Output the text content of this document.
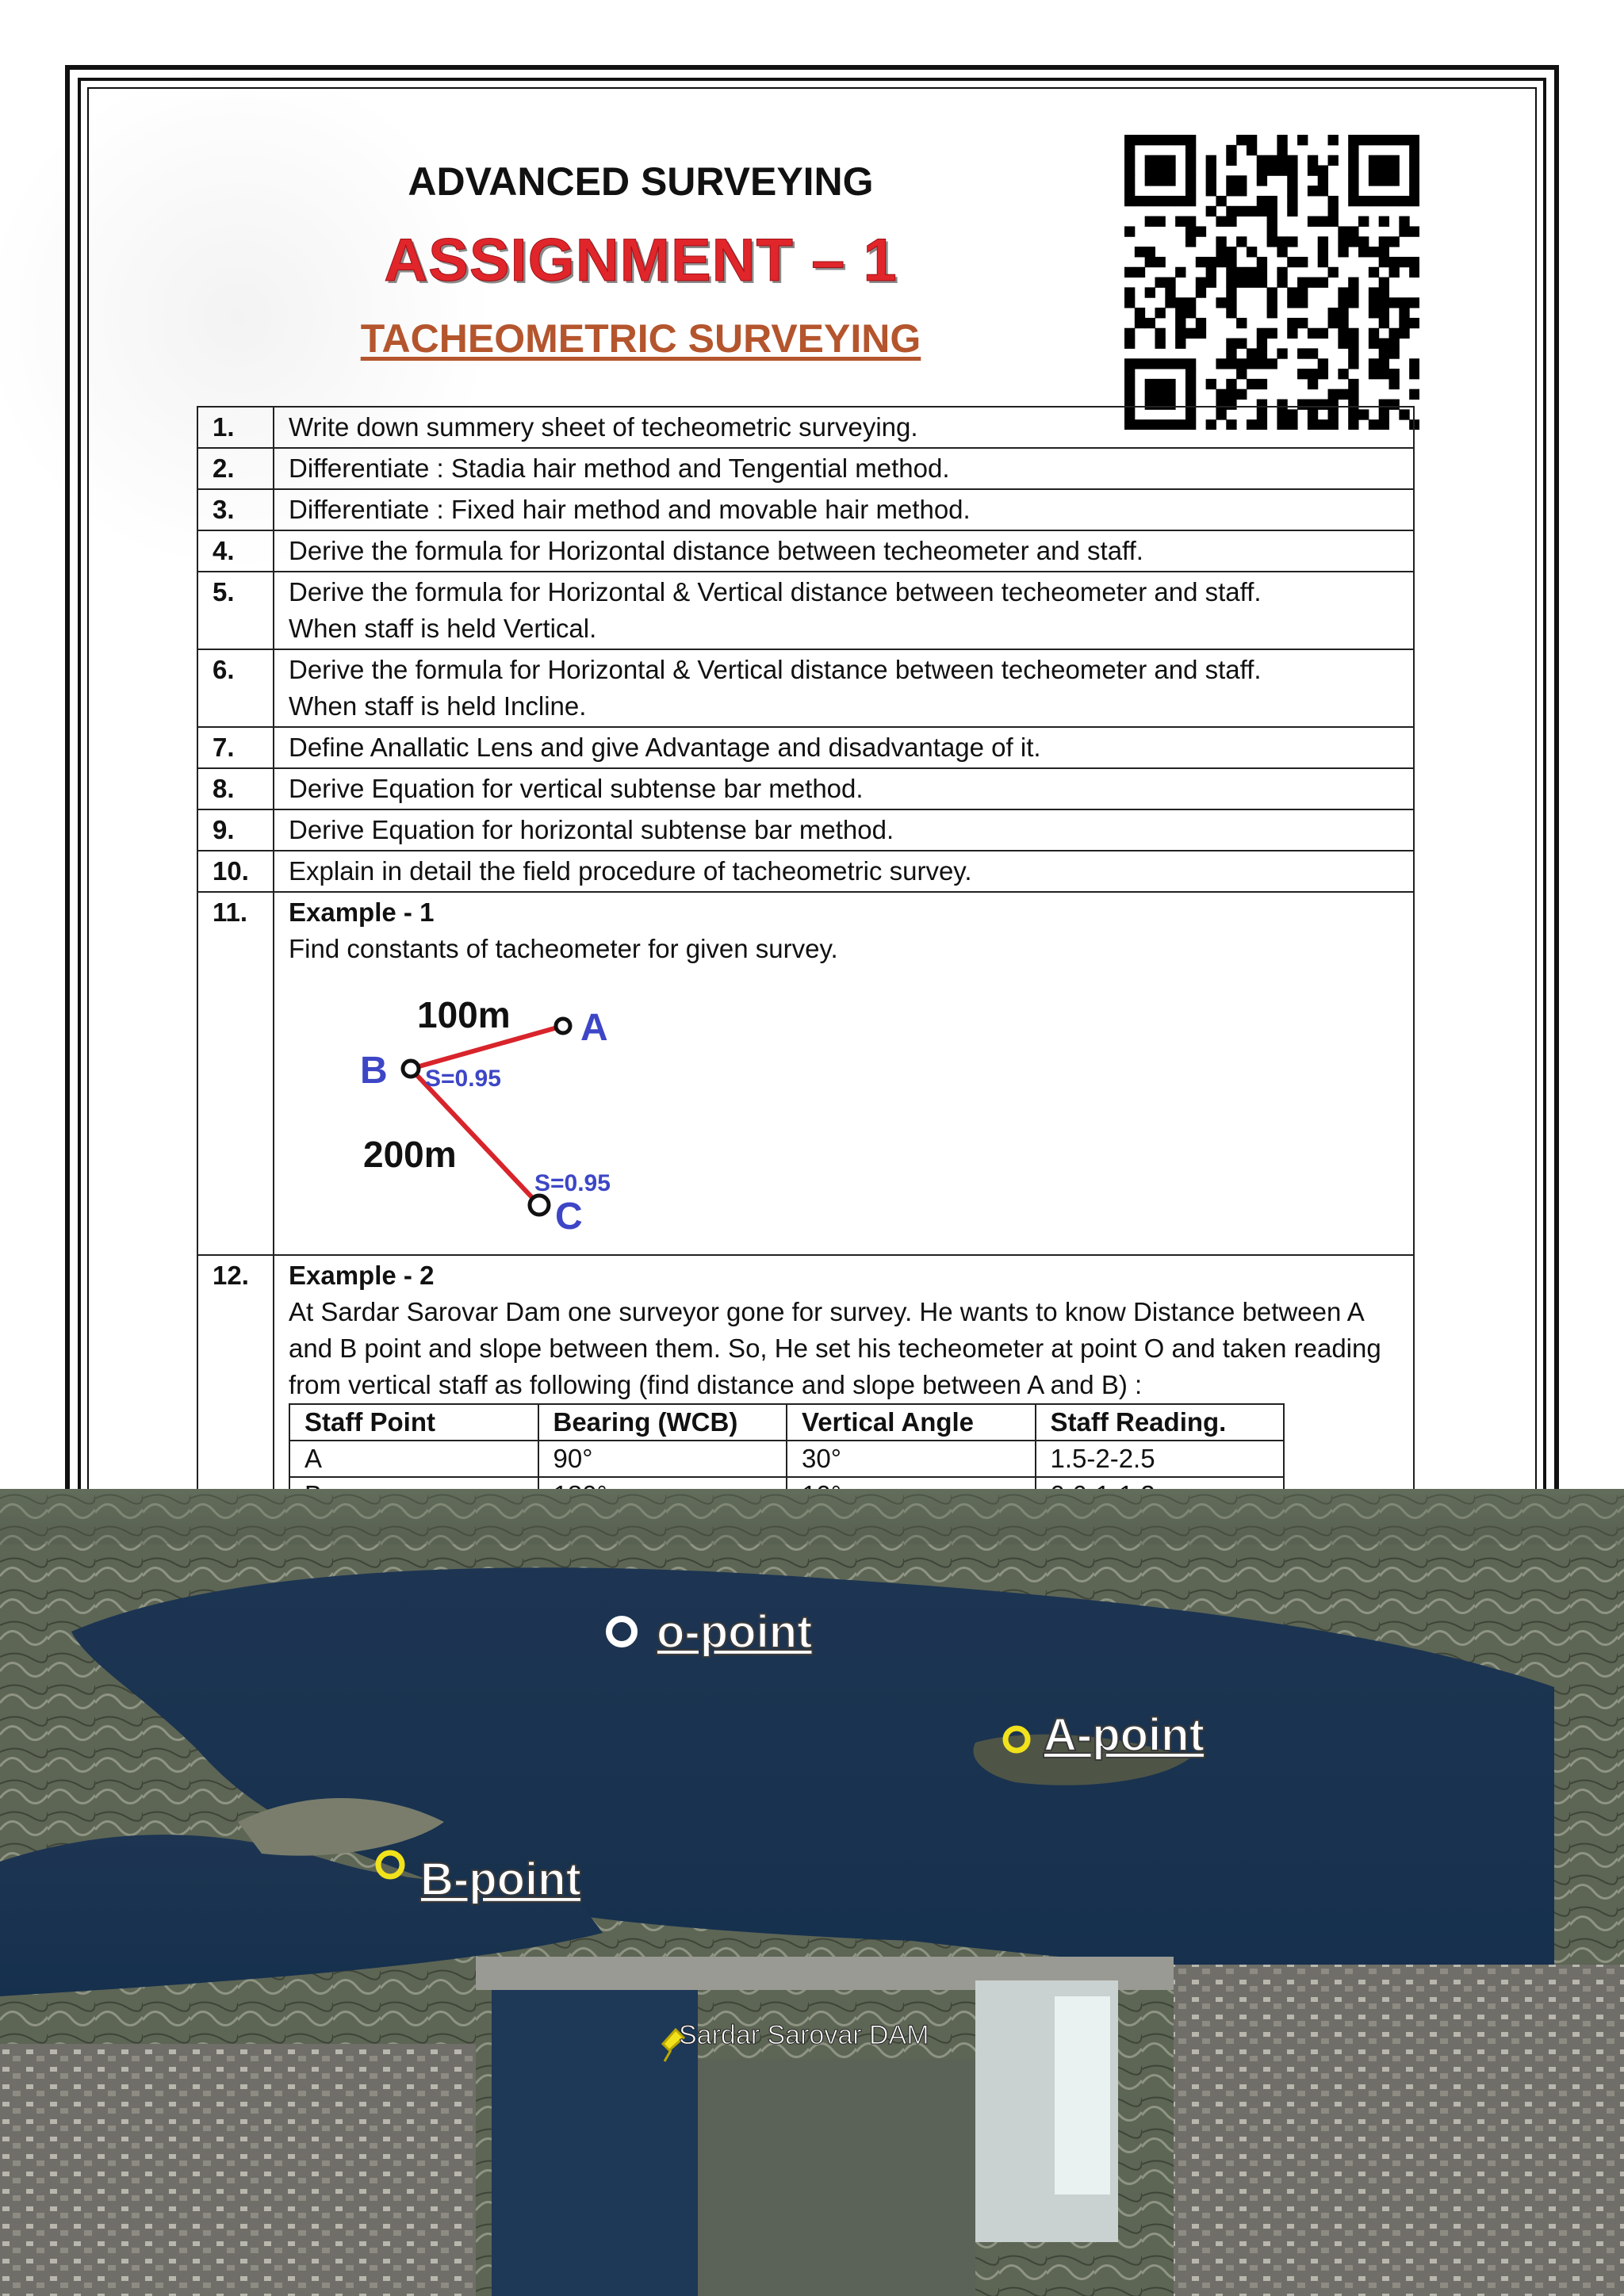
ADVANCED SURVEYING
ASSIGNMENT – 1
TACHEOMETRIC SURVEYING
1.	Write down summery sheet of techeometric surveying.

2.	Differentiate : Stadia hair method and Tengential method.

3.	Differentiate : Fixed hair method and movable hair method.

4.	Derive the formula for Horizontal distance between techeometer and staff.

5.	Derive the formula for Horizontal & Vertical distance between techeometer and staff.
When staff is held Vertical.

6.	Derive the formula for Horizontal & Vertical distance between techeometer and staff.
When staff is held Incline.

7.	Define Anallatic Lens and give Advantage and disadvantage of it.

8.	Derive Equation for vertical subtense bar method.

9.	Derive Equation for horizontal subtense bar method.

10.	Explain in detail the field procedure of tacheometric survey.

11.	Example - 1
Find constants of tacheometer for given survey.
100m A
B S=0.95
200m
S=0.95
C

12.	Example - 2
At Sardar Sarovar Dam one surveyor gone for survey. He wants to know Distance between A and B point and slope between them. So, He set his techeometer at point O and taken reading from vertical staff as following (find distance and slope between A and B) :
Staff Point	Bearing (WCB)	Vertical Angle	Staff Reading.
A	90°	30°	1.5-2-2.5

o-point
A-point
B-point
Sardar Sarovar DAM
